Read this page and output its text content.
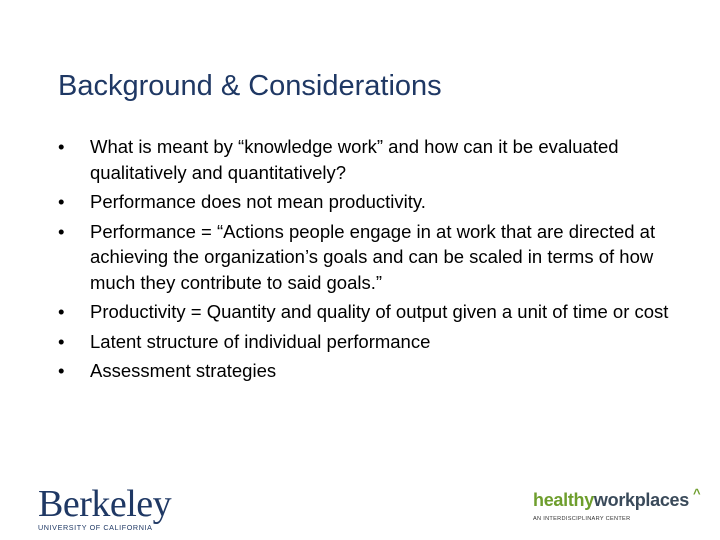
Background & Considerations
•	What is meant by “knowledge work” and how can it be evaluated qualitatively and quantitatively?
•	Performance does not mean productivity.
•	Performance = “Actions people engage in at work that are directed at achieving the organization’s goals and can be scaled in terms of how much they contribute to said goals.”
•	Productivity = Quantity and quality of output given a unit of time or cost
•	Latent structure of individual performance
•	Assessment strategies
Berkeley
UNIVERSITY OF CALIFORNIA
healthyworkplaces ^
AN INTERDISCIPLINARY CENTER
